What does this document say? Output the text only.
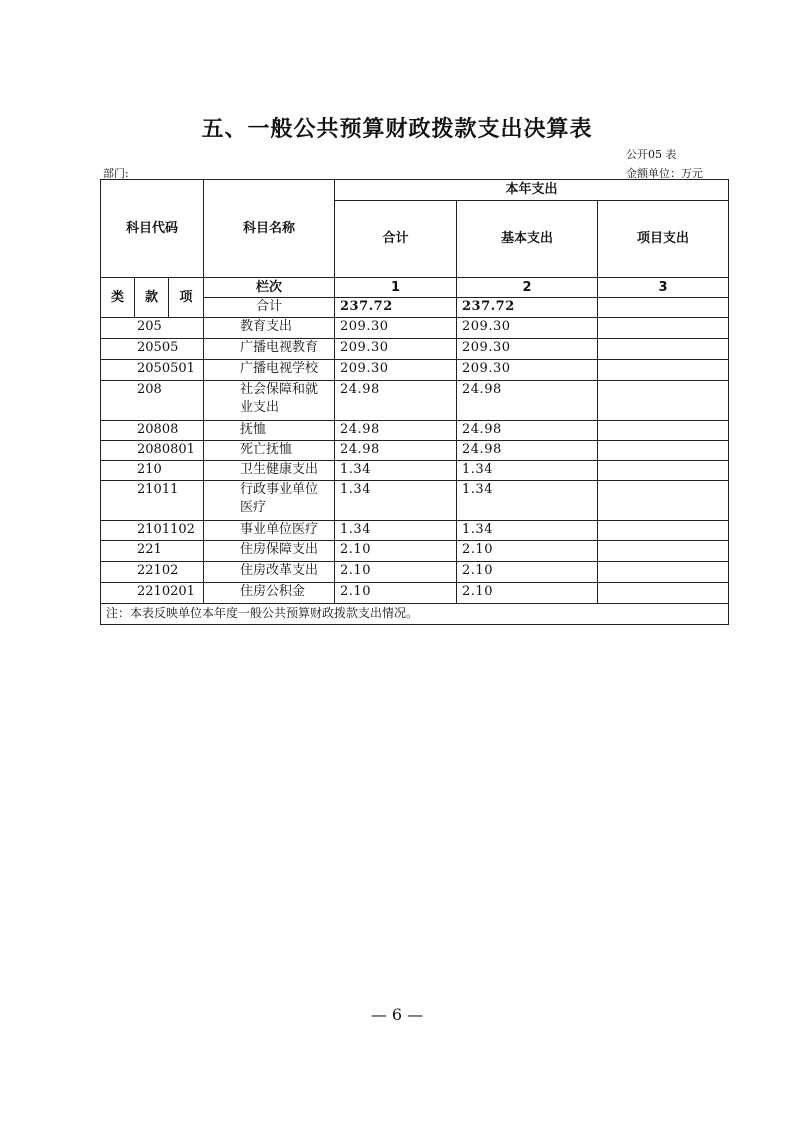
五、一般公共预算财政拨款支出决算表
公开05 表
部门:	金额单位：万元
科目代码			科目名称	本年支出		
				合计	基本支出	项目支出

类	款	项	栏次	1	2	3
			合计	237.72	237.72	
205			教育支出	209.30	209.30	
20505			广播电视教育	209.30	209.30	
2050501			广播电视学校	209.30	209.30	
208			社会保障和就业支出	24.98	24.98	
20808			抚恤	24.98	24.98	
2080801			死亡抚恤	24.98	24.98	
210			卫生健康支出	1.34	1.34	
21011			行政事业单位医疗	1.34	1.34	
2101102			事业单位医疗	1.34	1.34	
221			住房保障支出	2.10	2.10	
22102			住房改革支出	2.10	2.10	
2210201			住房公积金	2.10	2.10	
注：本表反映单位本年度一般公共预算财政拨款支出情况。						
— 6 —
